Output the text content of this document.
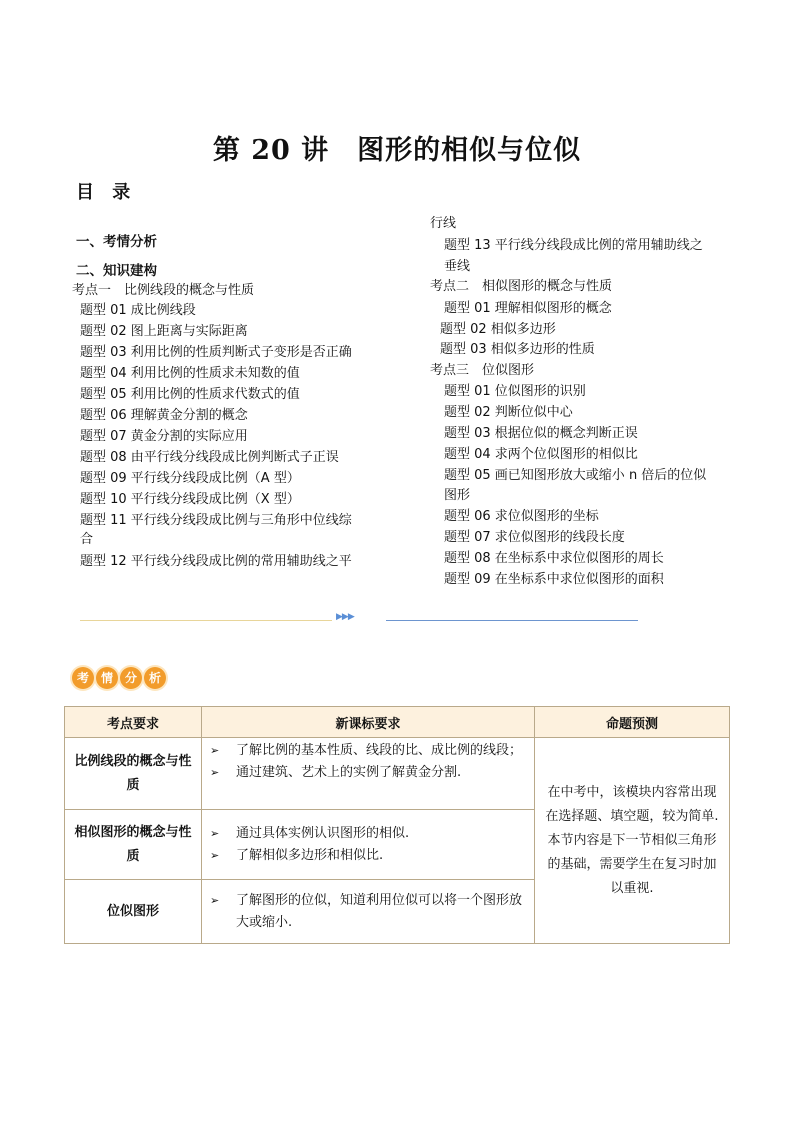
第 20 讲　图形的相似与位似
目 录
一、考情分析
二、知识建构
考点一　比例线段的概念与性质
题型 01 成比例线段
题型 02 图上距离与实际距离
题型 03 利用比例的性质判断式子变形是否正确
题型 04 利用比例的性质求未知数的值
题型 05 利用比例的性质求代数式的值
题型 06 理解黄金分割的概念
题型 07 黄金分割的实际应用
题型 08 由平行线分线段成比例判断式子正误
题型 09 平行线分线段成比例（A 型）
题型 10 平行线分线段成比例（X 型）
题型 11 平行线分线段成比例与三角形中位线综
合
题型 12 平行线分线段成比例的常用辅助线之平
行线
题型 13 平行线分线段成比例的常用辅助线之
垂线
考点二　相似图形的概念与性质
题型 01 理解相似图形的概念
题型 02 相似多边形
题型 03 相似多边形的性质
考点三　位似图形
题型 01 位似图形的识别
题型 02 判断位似中心
题型 03 根据位似的概念判断正误
题型 04 求两个位似图形的相似比
题型 05 画已知图形放大或缩小 n 倍后的位似
图形
题型 06 求位似图形的坐标
题型 07 求位似图形的线段长度
题型 08 在坐标系中求位似图形的周长
题型 09 在坐标系中求位似图形的面积
▶▶▶
考 情 分 析
考点要求	新课标要求	命题预测
比例线段的概念与性质	➢ 了解比例的基本性质、线段的比、成比例的线段；
➢ 通过建筑、艺术上的实例了解黄金分割.	在中考中，该模块内容常出现在选择题、填空题，较为简单.本节内容是下一节相似三角形的基础，需要学生在复习时加以重视.
相似图形的概念与性质	➢ 通过具体实例认识图形的相似.
➢ 了解相似多边形和相似比.	

位似图形	➢ 了解图形的位似，知道利用位似可以将一个图形放大或缩小.	
